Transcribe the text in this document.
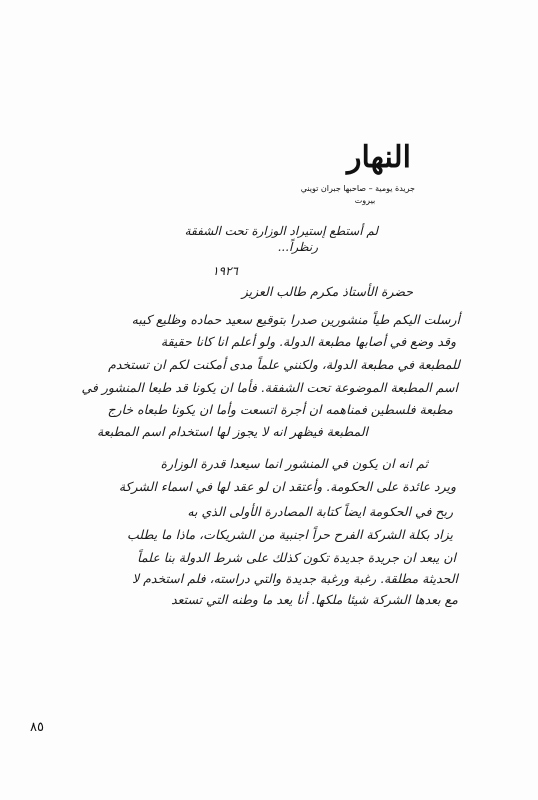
النهار
جريدة يومية – صاحبها جبران تويني
بيروت
لم أستطع إستيراد الوزارة تحت الشفقة
رنظراً...
١٩٢٦
حضرة الأستاذ مكرم طالب العزيز
أرسلت اليكم طياً منشورين صدرا بتوقيع سعيد حماده وظليع كيبه
وقد وضع في أصابها مطبعة الدولة. ولو أعلم انا كانا حقيقة
للمطبعة في مطبعة الدولة، ولكنني علماً مدى أمكنت لكم ان تستخدم
اسم المطبعة الموضوعة تحت الشفقة. فأما ان يكونا قد طبعا المنشور في
مطبعة فلسطين فمناهمه ان أجرة اتسعت وأما ان يكونا طبعاه خارج
المطبعة فيظهر انه لا يجوز لها استخدام اسم المطبعة
ثم انه ان يكون في المنشور انما سيعدا قدرة الوزارة
ويرد عائدة على الحكومة. وأعتقد ان لو عقد لها في اسماء الشركة
ربح في الحكومة ايضاً كتابة المصادرة الأولى الذي به
يزاد بكلة الشركة الفرح حراً اجنبية من الشريكات، ماذا ما يطلب
ان يبعد ان جريدة جديدة تكون كذلك على شرط الدولة بنا علماً
الحديثة مطلقة. رغبة ورغبة جديدة والتي دراسته، فلم استخدم لا
مع بعدها الشركة شيئا ملكها. أنا يعد ما وطنه التي تستعد
٨٥
